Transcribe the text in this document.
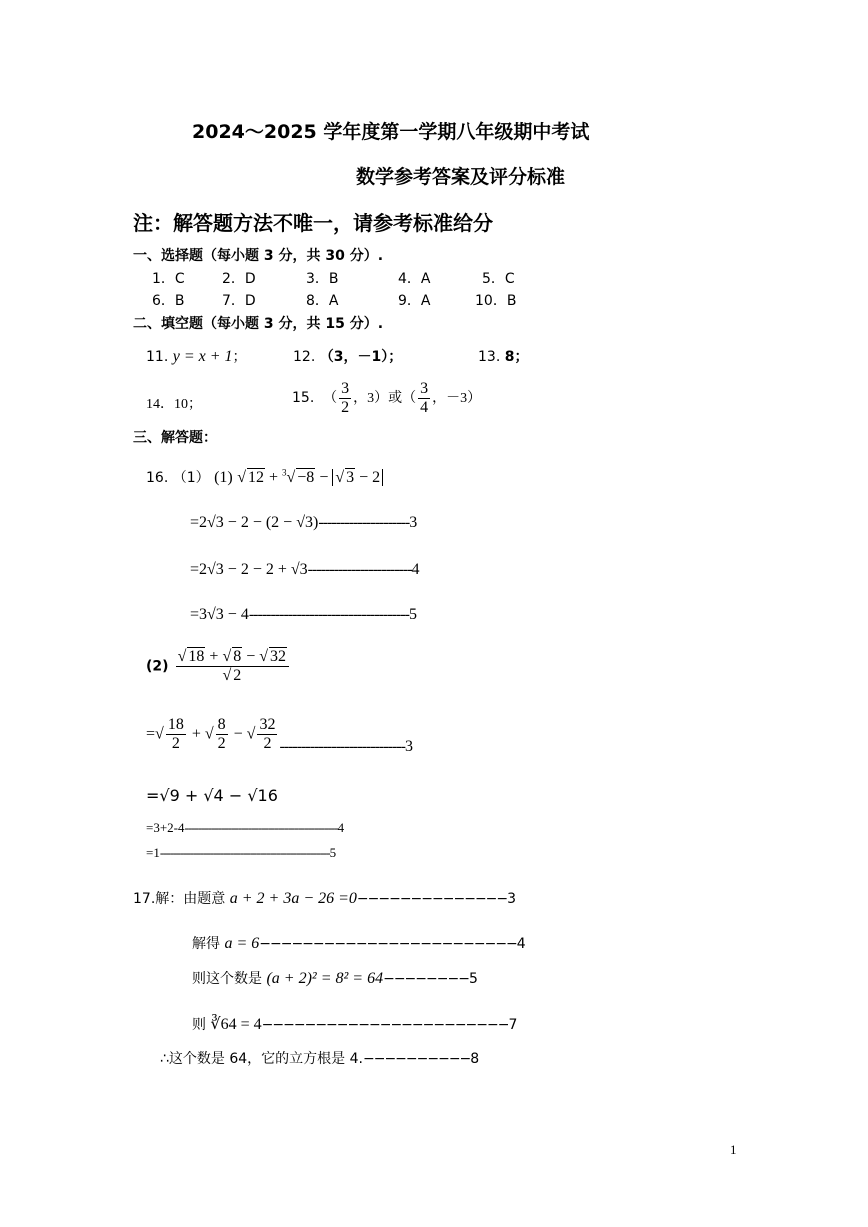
2024～2025 学年度第一学期八年级期中考试
数学参考答案及评分标准
注：解答题方法不唯一，请参考标准给分
一、选择题（每小题 3 分，共 30 分）.
1．C	2．D	3．B	4．A	5．C
6．B	7．D	8．A	9．A	10．B
二、填空题（每小题 3 分，共 15 分）.
11. y = x + 1；	12. （3，－1）；	13. 8；
14．10；	15. （ $\frac{3}{2}$ ，3）或（ $\frac{3}{4}$ ，－3）
三、解答题：
16. （1） (1) √ 12 + $^3$√ −8 − √ 3 − 2
=2√3 − 2 − (2 − √3)---------------------3
=2√3 − 2 − 2 + √3------------------------4
=3√3 − 4-------------------------------------5
$(2) \frac{√ 18 + √ 8 - √ 32}{√ 2}$
=√ $\frac{18}{2}$ + √ $\frac{8}{2}$ − √ $\frac{32}{2} -----------------------------3$
=√9 + √4 − √16
=3+2-4----------------------------------------------4
=1---------------------------------------------------5
17.解：由题意 a + 2 + 3a − 26 =0−−−−−−−−−−−−−−3
解得 a = 6−−−−−−−−−−−−−−−−−−−−−−−−4
则这个数是 (a + 2)² = 8² = 64−−−−−−−−5
则 ∛64 = 4−−−−−−−−−−−−−−−−−−−−−−−7
∴这个数是 64，它的立方根是 4.−−−−−−−−−−8
1
